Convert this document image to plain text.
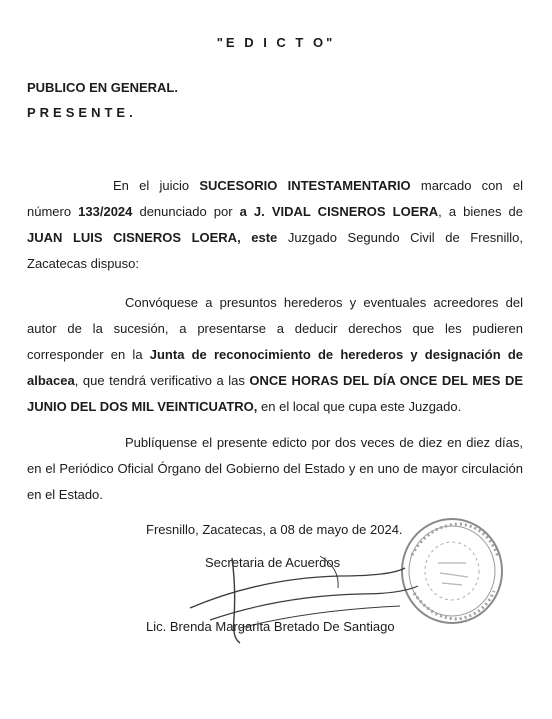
"E D I C T O"
PUBLICO EN GENERAL.
PRESENTE.

En el juicio SUCESORIO INTESTAMENTARIO marcado con el número 133/2024 denunciado por a J. VIDAL CISNEROS LOERA, a bienes de JUAN LUIS CISNEROS LOERA, este Juzgado Segundo Civil de Fresnillo, Zacatecas dispuso:

Convóquese a presuntos herederos y eventuales acreedores del autor de la sucesión, a presentarse a deducir derechos que les pudieren corresponder en la Junta de reconocimiento de herederos y designación de albacea, que tendrá verificativo a las ONCE HORAS DEL DÍA ONCE DEL MES DE JUNIO DEL DOS MIL VEINTICUATRO, en el local que cupa este Juzgado.

Publíquense el presente edicto por dos veces de diez en diez días, en el Periódico Oficial Órgano del Gobierno del Estado y en uno de mayor circulación en el Estado.

Fresnillo, Zacatecas, a 08 de mayo de 2024.
Secretaria de Acuerdos
Lic. Brenda Margarita Bretado De Santiago
